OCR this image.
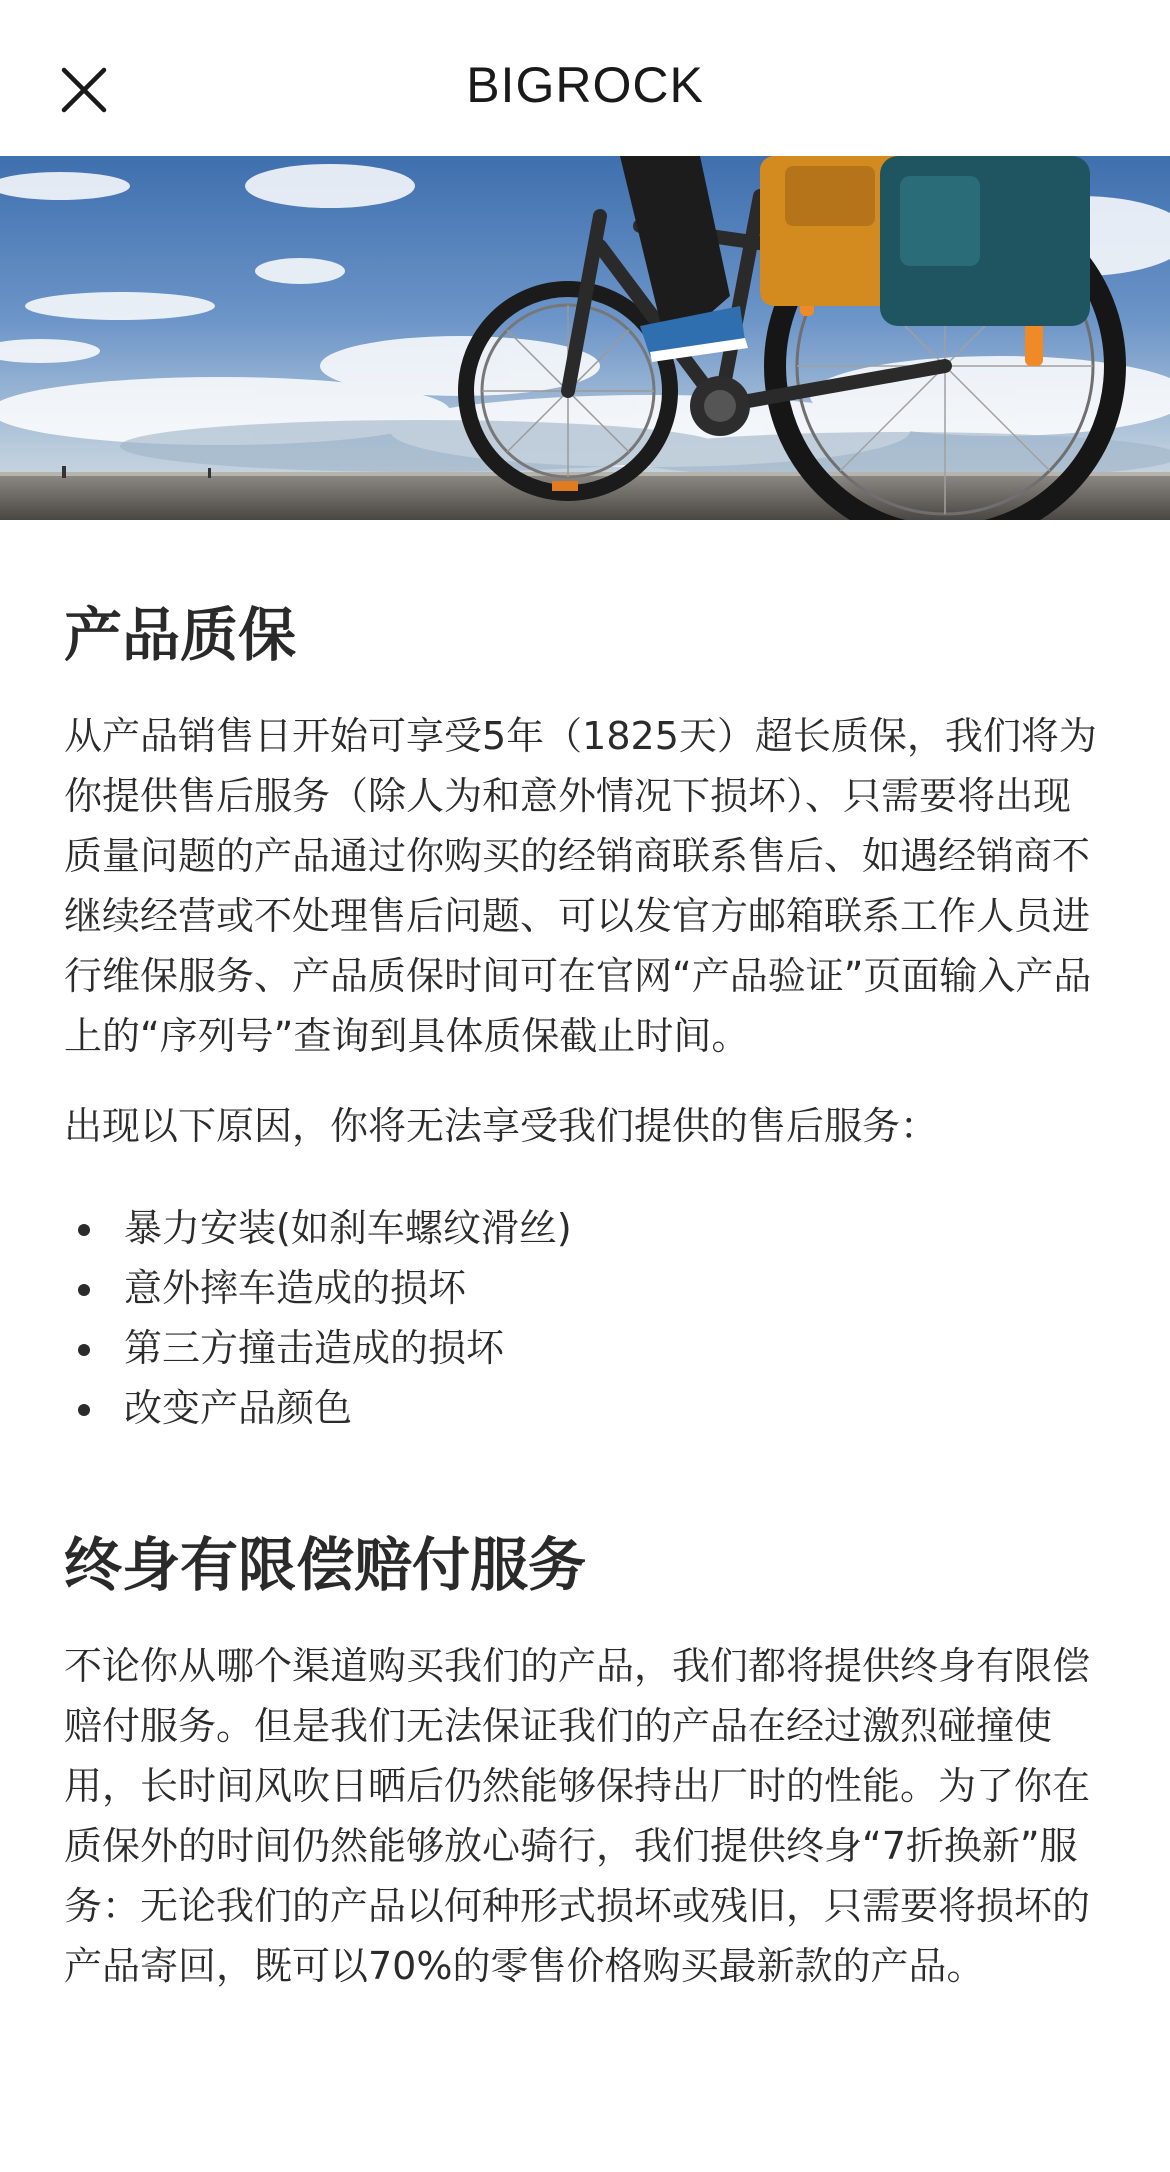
BIGROCK
产品质保

从产品销售日开始可享受5年（1825天）超长质保，我们将为你提供售后服务（除人为和意外情况下损坏）、只需要将出现质量问题的产品通过你购买的经销商联系售后、如遇经销商不继续经营或不处理售后问题、可以发官方邮箱联系工作人员进行维保服务、产品质保时间可在官网“产品验证”页面输入产品上的“序列号”查询到具体质保截止时间。

出现以下原因，你将无法享受我们提供的售后服务：

暴力安装(如刹车螺纹滑丝)
意外摔车造成的损坏
第三方撞击造成的损坏
改变产品颜色
终身有限偿赔付服务

不论你从哪个渠道购买我们的产品，我们都将提供终身有限偿赔付服务。但是我们无法保证我们的产品在经过激烈碰撞使用，长时间风吹日晒后仍然能够保持出厂时的性能。为了你在质保外的时间仍然能够放心骑行，我们提供终身“7折换新”服务：无论我们的产品以何种形式损坏或残旧，只需要将损坏的产品寄回，既可以70%的零售价格购买最新款的产品。
